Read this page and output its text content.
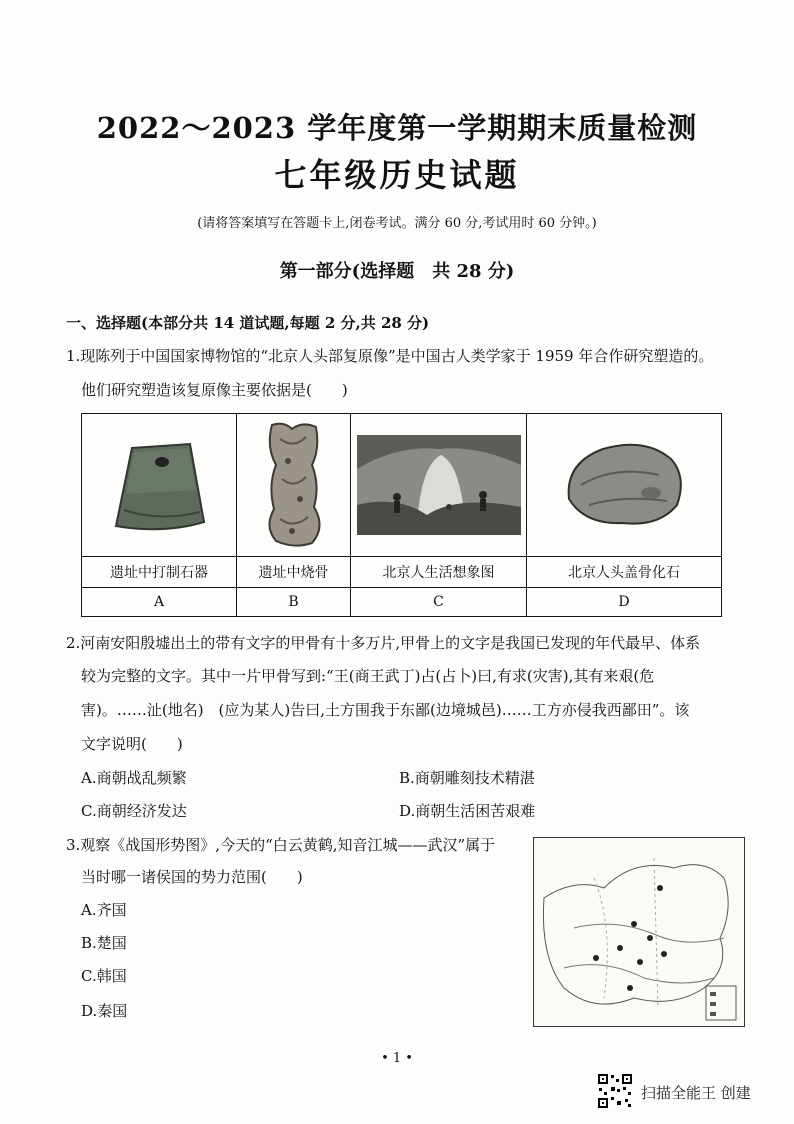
2022～2023 学年度第一学期期末质量检测
七年级历史试题
(请将答案填写在答题卡上,闭卷考试。满分 60 分,考试用时 60 分钟。)
第一部分(选择题　共 28 分)
一、选择题(本部分共 14 道试题,每题 2 分,共 28 分)
1.现陈列于中国国家博物馆的“北京人头部复原像”是中国古人类学家于 1959 年合作研究塑造的。
他们研究塑造该复原像主要依据是(　　)

遗址中打制石器	遗址中烧骨	北京人生活想象图	北京人头盖骨化石
A	B	C	D
2.河南安阳殷墟出土的带有文字的甲骨有十多万片,甲骨上的文字是我国已发现的年代最早、体系
较为完整的文字。其中一片甲骨写到:“王(商王武丁)占(占卜)曰,有求(灾害),其有来艰(危
害)。……沚(地名)　(应为某人)告曰,土方围我于东鄙(边境城邑)……工方亦侵我西鄙田”。该
文字说明(　　)
A.商朝战乱频繁	B.商朝雕刻技术精湛
C.商朝经济发达	D.商朝生活困苦艰难
3.观察《战国形势图》,今天的“白云黄鹤,知音江城——武汉”属于
当时哪一诸侯国的势力范围(　　)
A.齐国
B.楚国
C.韩国
D.秦国
• 1 •
扫描全能王 创建
